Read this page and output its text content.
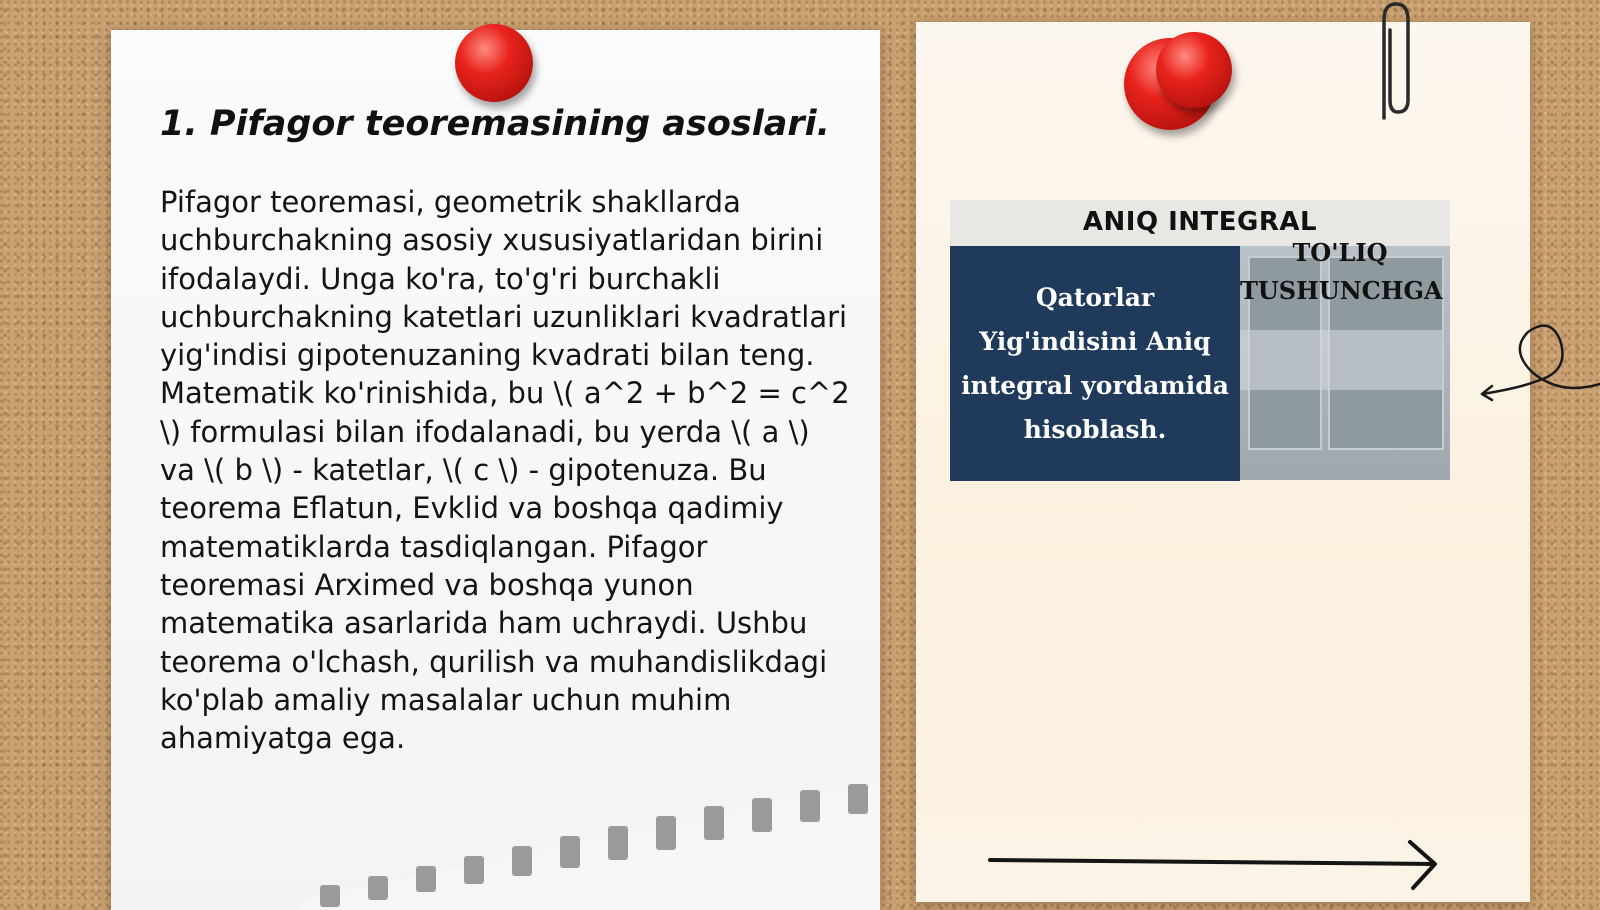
1. Pifagor teoremasining asoslari.

Pifagor teoremasi, geometrik shakllarda uchburchakning asosiy xususiyatlaridan birini ifodalaydi. Unga ko'ra, to'g'ri burchakli uchburchakning katetlari uzunliklari kvadratlari yig'indisi gipotenuzaning kvadrati bilan teng. Matematik ko'rinishida, bu \( a^2 + b^2 = c^2 \) formulasi bilan ifodalanadi, bu yerda \( a \) va \( b \) - katetlar, \( c \) - gipotenuza. Bu teorema Eflatun, Evklid va boshqa qadimiy matematiklarda tasdiqlangan. Pifagor teoremasi Arximed va boshqa yunon matematika asarlarida ham uchraydi. Ushbu teorema o'lchash, qurilish va muhandislikdagi ko'plab amaliy masalalar uchun muhim ahamiyatga ega.

ANIQ INTEGRAL
Qatorlar Yig'indisini Aniq integral yordamida hisoblash.
TO'LIQ TUSHUNCHGA
